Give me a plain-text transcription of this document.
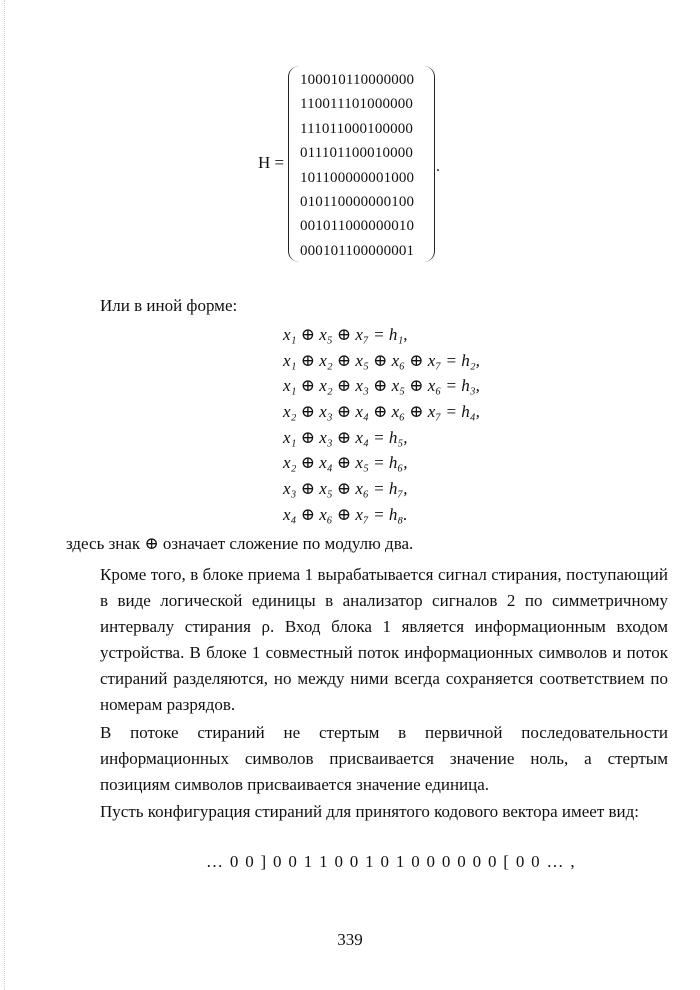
H =
100010110000000
110011101000000
111011000100000
011101100010000
101100000001000
010110000000100
001011000000010
000101100000001
.
Или в иной форме:
x₁ ⊕ x₅ ⊕ x₇ = h₁,
x₁ ⊕ x₂ ⊕ x₅ ⊕ x₆ ⊕ x₇ = h₂,
x₁ ⊕ x₂ ⊕ x₃ ⊕ x₅ ⊕ x₆ = h₃,
x₂ ⊕ x₃ ⊕ x₄ ⊕ x₆ ⊕ x₇ = h₄,
x₁ ⊕ x₃ ⊕ x₄ = h₅,
x₂ ⊕ x₄ ⊕ x₅ = h₆,
x₃ ⊕ x₅ ⊕ x₆ = h₇,
x₄ ⊕ x₆ ⊕ x₇ = h₈.
здесь знак ⊕ означает сложение по модулю два.
Кроме того, в блоке приема 1 вырабатывается сигнал стирания, поступающий в виде логической единицы в анализатор сигналов 2 по симметричному интервалу стирания ρ. Вход блока 1 является информационным входом устройства. В блоке 1 совместный поток информационных символов и поток стираний разделяются, но между ними всегда сохраняется соответствием по номерам разрядов.
В потоке стираний не стертым в первичной последовательности информационных символов присваивается значение ноль, а стертым позициям символов присваивается значение единица.
Пусть конфигурация стираний для принятого кодового вектора имеет вид:
… 0 0 ] 0 0 1 1 0 0 1 0 1 0 0 0 0 0 0 [ 0 0 … ,
339
